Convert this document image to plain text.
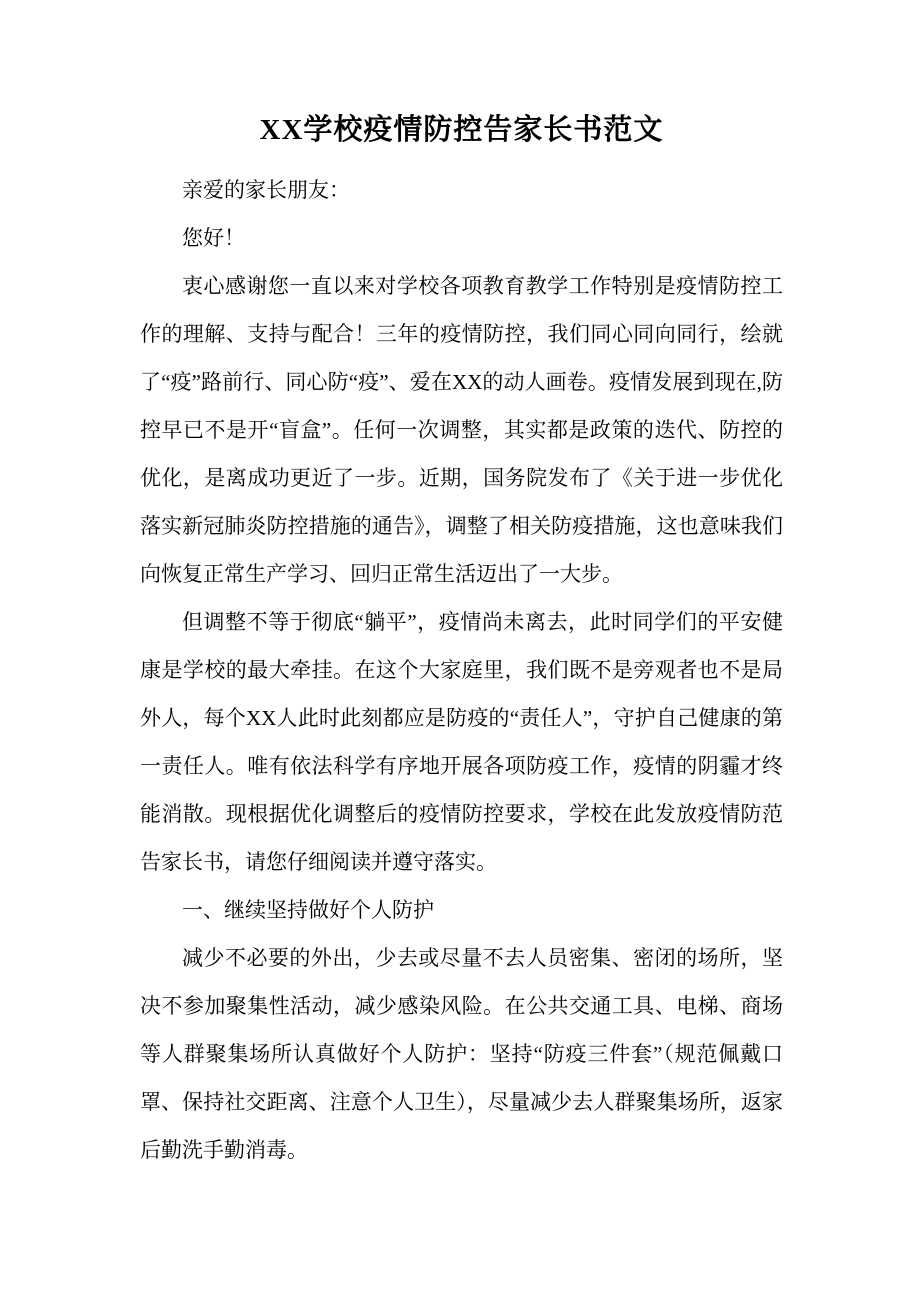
XX学校疫情防控告家长书范文

亲爱的家长朋友：

您好！

衷心感谢您一直以来对学校各项教育教学工作特别是疫情防控工作的理解、支持与配合！三年的疫情防控，我们同心同向同行，绘就了“疫”路前行、同心防“疫”、爱在XX的动人画卷。疫情发展到现在,防控早已不是开“盲盒”。任何一次调整，其实都是政策的迭代、防控的优化，是离成功更近了一步。近期，国务院发布了《关于进一步优化落实新冠肺炎防控措施的通告》，调整了相关防疫措施，这也意味我们向恢复正常生产学习、回归正常生活迈出了一大步。

但调整不等于彻底“躺平”，疫情尚未离去，此时同学们的平安健康是学校的最大牵挂。在这个大家庭里，我们既不是旁观者也不是局外人，每个XX人此时此刻都应是防疫的“责任人”，守护自己健康的第一责任人。唯有依法科学有序地开展各项防疫工作，疫情的阴霾才终能消散。现根据优化调整后的疫情防控要求，学校在此发放疫情防范告家长书，请您仔细阅读并遵守落实。

一、继续坚持做好个人防护

减少不必要的外出，少去或尽量不去人员密集、密闭的场所，坚决不参加聚集性活动，减少感染风险。在公共交通工具、电梯、商场等人群聚集场所认真做好个人防护：坚持“防疫三件套”（规范佩戴口罩、保持社交距离、注意个人卫生），尽量减少去人群聚集场所，返家后勤洗手勤消毒。
